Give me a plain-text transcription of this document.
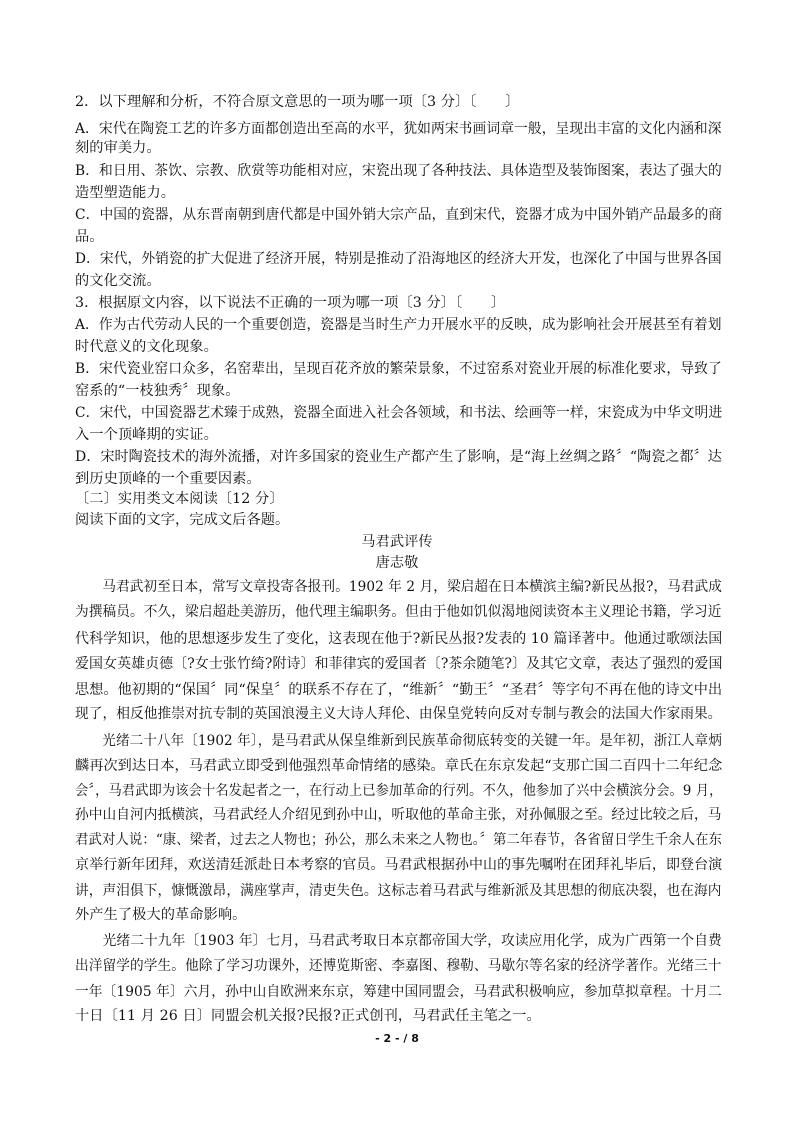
2．以下理解和分析，不符合原文意思的一项为哪一项〔3 分〕〔　　〕
A．宋代在陶瓷工艺的许多方面都创造出至高的水平，犹如两宋书画词章一般，呈现出丰富的文化内涵和深
刻的审美力。
B．和日用、茶饮、宗教、欣赏等功能相对应，宋瓷出现了各种技法、具体造型及装饰图案，表达了强大的
造型塑造能力。
C．中国的瓷器，从东晋南朝到唐代都是中国外销大宗产品，直到宋代，瓷器才成为中国外销产品最多的商
品。
D．宋代，外销瓷的扩大促进了经济开展，特别是推动了沿海地区的经济大开发，也深化了中国与世界各国
的文化交流。
3．根据原文内容，以下说法不正确的一项为哪一项〔3 分〕〔　　〕
A．作为古代劳动人民的一个重要创造，瓷器是当时生产力开展水平的反映，成为影响社会开展甚至有着划
时代意义的文化现象。
B．宋代瓷业窑口众多，名窑辈出，呈现百花齐放的繁荣景象，不过窑系对瓷业开展的标准化要求，导致了
窑系的“一枝独秀〞现象。
C．宋代，中国瓷器艺术臻于成熟，瓷器全面进入社会各领域，和书法、绘画等一样，宋瓷成为中华文明进
入一个顶峰期的实证。
D．宋时陶瓷技术的海外流播，对许多国家的瓷业生产都产生了影响，是“海上丝绸之路〞“陶瓷之都〞达
到历史顶峰的一个重要因素。
〔二〕实用类文本阅读〔12 分〕
阅读下面的文字，完成文后各题。
马君武评传
唐志敬
　　马君武初至日本，常写文章投寄各报刊。1902 年 2 月，梁启超在日本横滨主编?新民丛报?，马君武成
为撰稿员。不久，梁启超赴美游历，他代理主编职务。但由于他如饥似渴地阅读资本主义理论书籍，学习近
代科学知识，他的思想逐步发生了变化，这表现在他于?新民丛报?发表的 10 篇译著中。他通过歌颂法国
爱国女英雄贞德〔?女士张竹绮?附诗〕和菲律宾的爱国者〔?茶余随笔?〕及其它文章，表达了强烈的爱国
思想。他初期的“保国〞同“保皇〞的联系不存在了，“维新〞“勤王〞“圣君〞等字句不再在他的诗文中出
现了，相反他推崇对抗专制的英国浪漫主义大诗人拜伦、由保皇党转向反对专制与教会的法国大作家雨果。
　　光绪二十八年〔1902 年〕，是马君武从保皇维新到民族革命彻底转变的关键一年。是年初，浙江人章炳
麟再次到达日本，马君武立即受到他强烈革命情绪的感染。章氏在东京发起“支那亡国二百四十二年纪念
会〞，马君武即为该会十名发起者之一，在行动上已参加革命的行列。不久，他参加了兴中会横滨分会。9 月，
孙中山自河内抵横滨，马君武经人介绍见到孙中山，听取他的革命主张，对孙佩服之至。经过比较之后，马
君武对人说：“康、梁者，过去之人物也；孙公，那么未来之人物也。〞第二年春节，各省留日学生千余人在东
京举行新年团拜，欢送清廷派赴日本考察的官员。马君武根据孙中山的事先嘱咐在团拜礼毕后，即登台演
讲，声泪俱下，慷慨激昂，满座掌声，清吏失色。这标志着马君武与维新派及其思想的彻底决裂，也在海内
外产生了极大的革命影响。
　　光绪二十九年〔1903 年〕七月，马君武考取日本京都帝国大学，攻读应用化学，成为广西第一个自费
出洋留学的学生。他除了学习功课外，还博览斯密、李嘉图、穆勒、马歇尔等名家的经济学著作。光绪三十
一年〔1905 年〕六月，孙中山自欧洲来东京，筹建中国同盟会，马君武积极响应，参加草拟章程。十月二
十日〔11 月 26 日〕同盟会机关报?民报?正式创刊，马君武任主笔之一。
- 2 - / 8
